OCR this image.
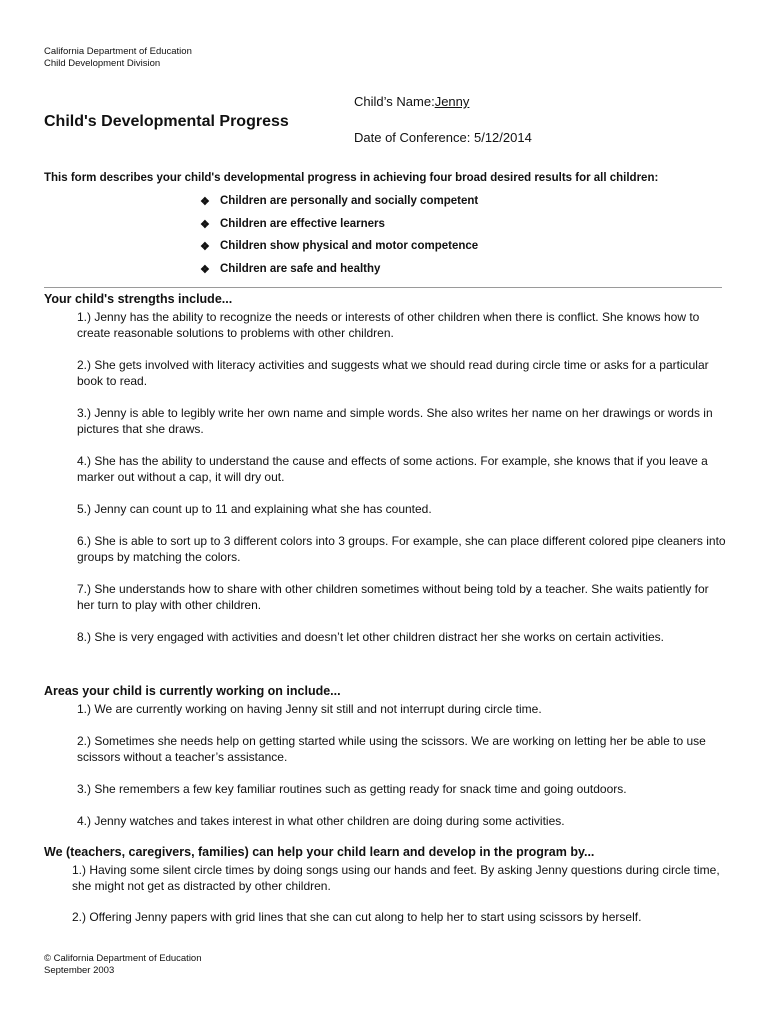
California Department of Education
Child Development Division
Child's Developmental Progress
Child’s Name:Jenny
Date of Conference: 5/12/2014
This form describes your child's developmental progress in achieving four broad desired results for all children:
❖ Children are personally and socially competent
❖ Children are effective learners
❖ Children show physical and motor competence
❖ Children are safe and healthy
Your child's strengths include...
1.) Jenny has the ability to recognize the needs or interests of other children when there is conflict. She knows how to create reasonable solutions to problems with other children.
2.) She gets involved with literacy activities and suggests what we should read during circle time or asks for a particular book to read.
3.) Jenny is able to legibly write her own name and simple words. She also writes her name on her drawings or words in pictures that she draws.
4.) She has the ability to understand the cause and effects of some actions. For example, she knows that if you leave a marker out without a cap, it will dry out.
5.) Jenny can count up to 11 and explaining what she has counted.
6.) She is able to sort up to 3 different colors into 3 groups. For example, she can place different colored pipe cleaners into groups by matching the colors.
7.) She understands how to share with other children sometimes without being told by a teacher. She waits patiently for her turn to play with other children.
8.) She is very engaged with activities and doesn’t let other children distract her she works on certain activities.
Areas your child is currently working on include...
1.) We are currently working on having Jenny sit still and not interrupt during circle time.
2.) Sometimes she needs help on getting started while using the scissors. We are working on letting her be able to use scissors without a teacher’s assistance.
3.) She remembers a few key familiar routines such as getting ready for snack time and going outdoors.
4.) Jenny watches and takes interest in what other children are doing during some activities.
We (teachers, caregivers, families) can help your child learn and develop in the program by...
1.) Having some silent circle times by doing songs using our hands and feet. By asking Jenny questions during circle time, she might not get as distracted by other children.
2.) Offering Jenny papers with grid lines that she can cut along to help her to start using scissors by herself.
© California Department of Education
September 2003
